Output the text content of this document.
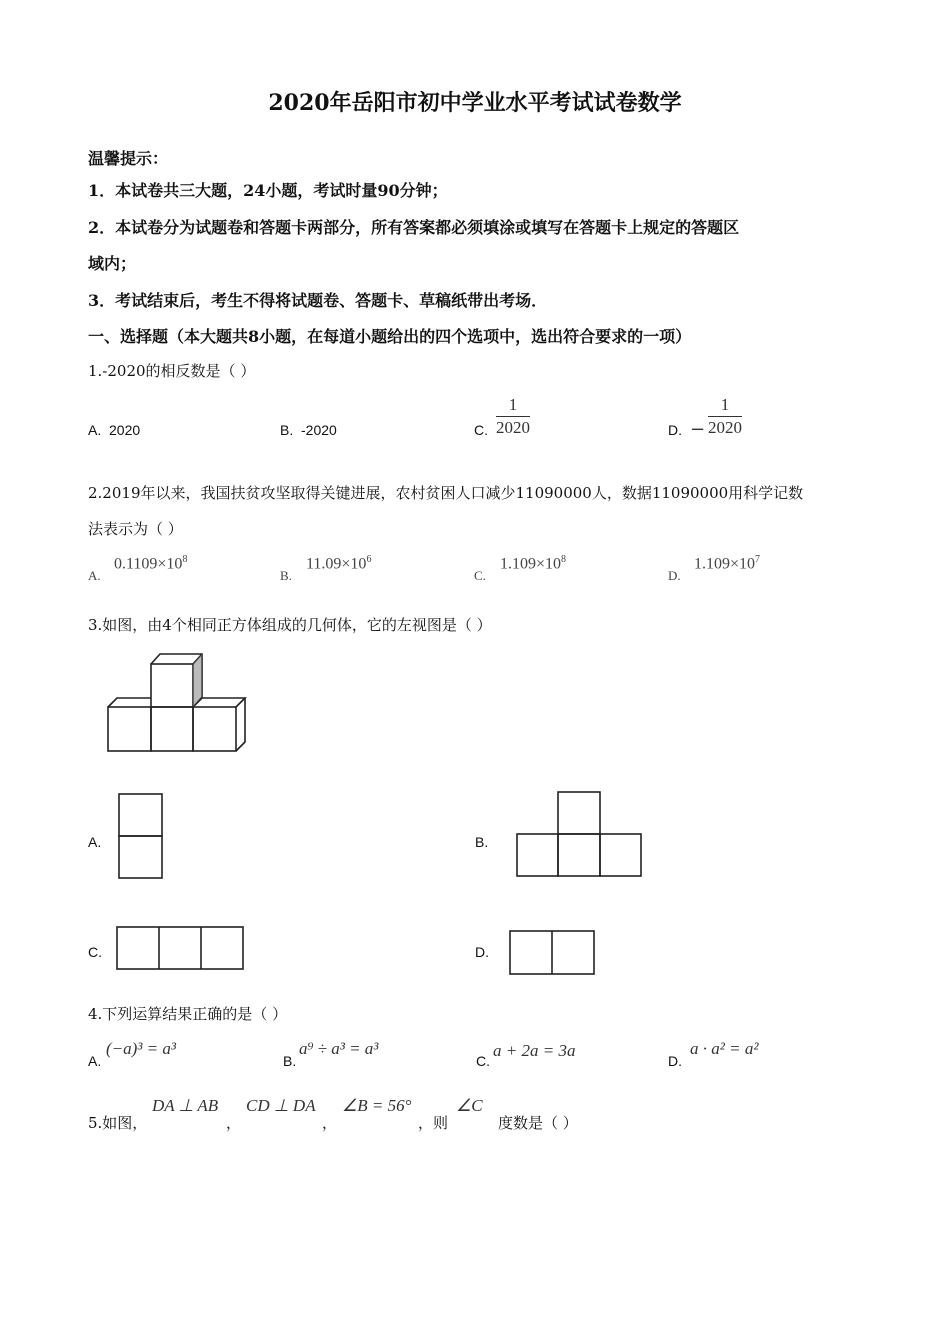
2020年岳阳市初中学业水平考试试卷数学
温馨提示：
1．本试卷共三大题，24小题，考试时量90分钟；
2．本试卷分为试题卷和答题卡两部分，所有答案都必须填涂或填写在答题卡上规定的答题区
域内；
3．考试结束后，考生不得将试题卷、答题卡、草稿纸带出考场．
一、选择题（本大题共8小题，在每道小题给出的四个选项中，选出符合要求的一项）
1.-2020的相反数是（ ）
A. 2020	B. -2020	C. $\frac{1}{2020}$	D. − $\frac{1}{2020}$
2.2019年以来，我国扶贫攻坚取得关键进展，农村贫困人口减少11090000人，数据11090000用科学记数
法表示为（ ）
A.
$0.1109\times 10^8$
B.
$11.09\times 10^6$
C.
$1.109\times 10^8$
D.
$1.109\times 10^7$
3.如图，由4个相同正方体组成的几何体，它的左视图是（ ）
A.	B.
C.	D.
4.下列运算结果正确的是（ ）
A.
(−a)³ = a³
B.
a⁹ ÷ a³ = a³
C.
a + 2a = 3a
D.
a · a² = a²
5.如图，
DA ⊥ AB
，
CD ⊥ DA
，
∠B = 56°
，则
∠C
度数是（ ）
